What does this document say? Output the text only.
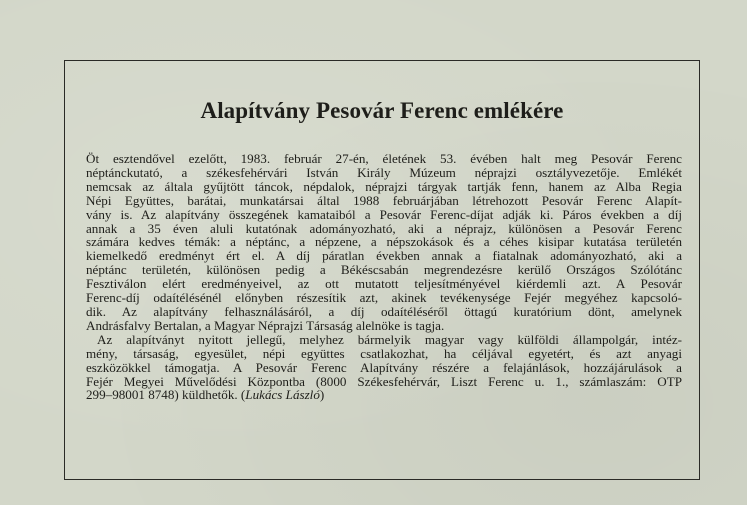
Alapítvány Pesovár Ferenc emlékére
Öt esztendővel ezelőtt, 1983. február 27-én, életének 53. évében halt meg Pesovár Ferenc
néptánckutató, a székesfehérvári István Király Múzeum néprajzi osztályvezetője. Emlékét
nemcsak az általa gyűjtött táncok, népdalok, néprajzi tárgyak tartják fenn, hanem az Alba Regia
Népi Együttes, barátai, munkatársai által 1988 februárjában létrehozott Pesovár Ferenc Alapít-
vány is. Az alapítvány összegének kamataiból a Pesovár Ferenc-díjat adják ki. Páros években a díj
annak a 35 éven aluli kutatónak adományozható, aki a néprajz, különösen a Pesovár Ferenc
számára kedves témák: a néptánc, a népzene, a népszokások és a céhes kisipar kutatása területén
kiemelkedő eredményt ért el. A díj páratlan években annak a fiatalnak adományozható, aki a
néptánc területén, különösen pedig a Békéscsabán megrendezésre kerülő Országos Szólótánc
Fesztiválon elért eredményeivel, az ott mutatott teljesítményével kiérdemli azt. A Pesovár
Ferenc-díj odaítélésénél előnyben részesítik azt, akinek tevékenysége Fejér megyéhez kapcsoló-
dik. Az alapítvány felhasználásáról, a díj odaítéléséről öttagú kuratórium dönt, amelynek
Andrásfalvy Bertalan, a Magyar Néprajzi Társaság alelnöke is tagja.
Az alapítványt nyitott jellegű, melyhez bármelyik magyar vagy külföldi állampolgár, intéz-
mény, társaság, egyesület, népi együttes csatlakozhat, ha céljával egyetért, és azt anyagi
eszközökkel támogatja. A Pesovár Ferenc Alapítvány részére a felajánlások, hozzájárulások a
Fejér Megyei Művelődési Központba (8000 Székesfehérvár, Liszt Ferenc u. 1., számlaszám: OTP
299–98001 8748) küldhetők. (Lukács László)
